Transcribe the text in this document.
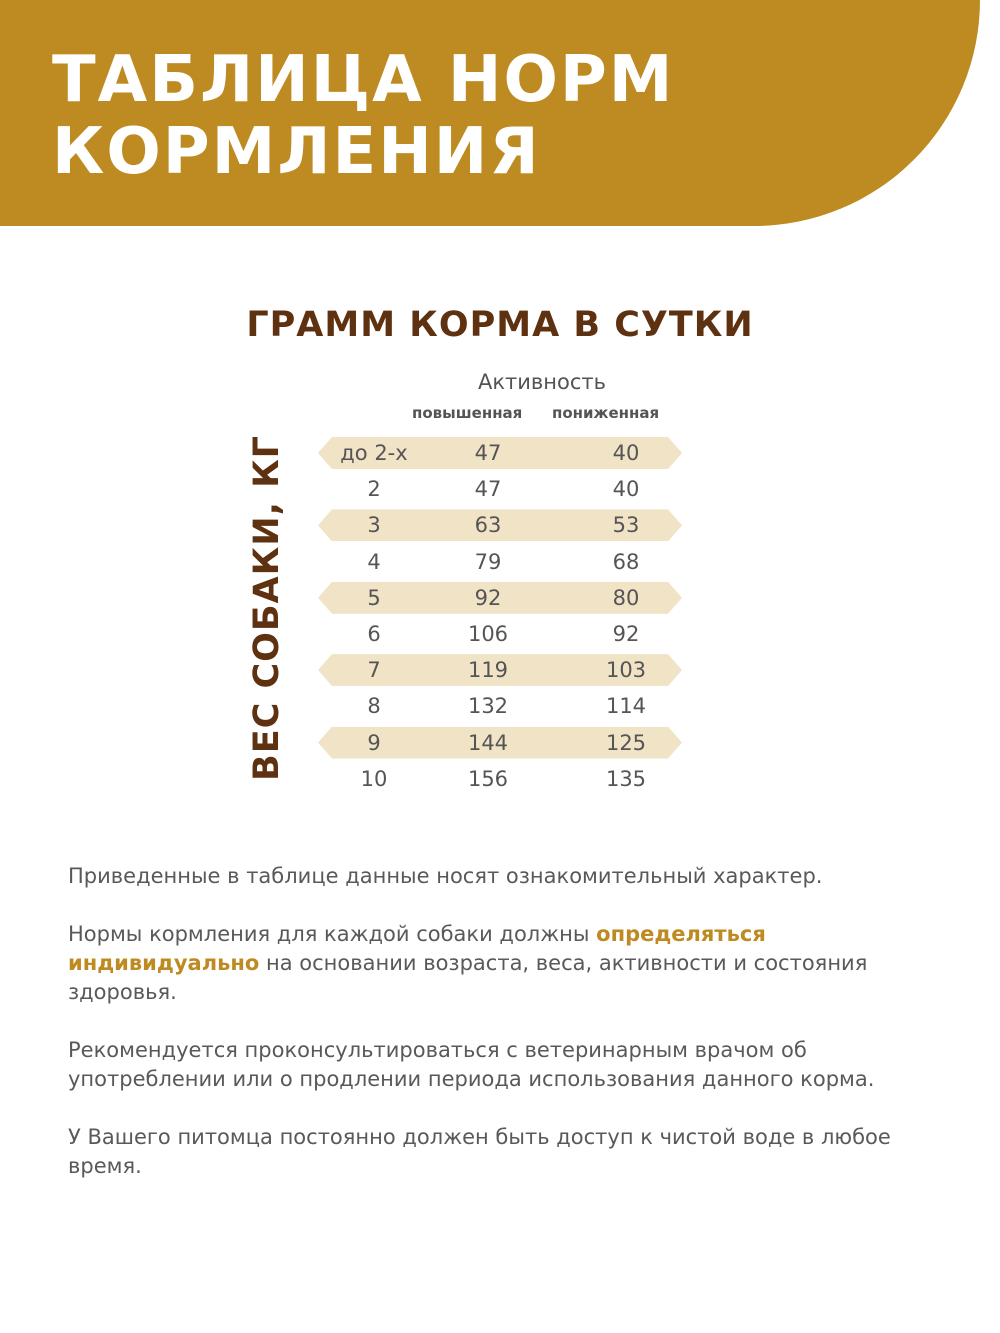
ТАБЛИЦА НОРМ
КОРМЛЕНИЯ
ГРАММ КОРМА В СУТКИ
Активность
повышенная пониженная
ВЕС СОБАКИ, КГ	до 2-х	47	40
2	47	40
3	63	53
4	79	68
5	92	80
6	106	92
7	119	103
8	132	114
9	144	125
10	156	135

Приведенные в таблице данные носят ознакомительный характер.

Нормы кормления для каждой собаки должны определяться индивидуально на основании возраста, веса, активности и состояния здоровья.

Рекомендуется проконсультироваться с ветеринарным врачом об употреблении или о продлении периода использования данного корма.

У Вашего питомца постоянно должен быть доступ к чистой воде в любое время.
